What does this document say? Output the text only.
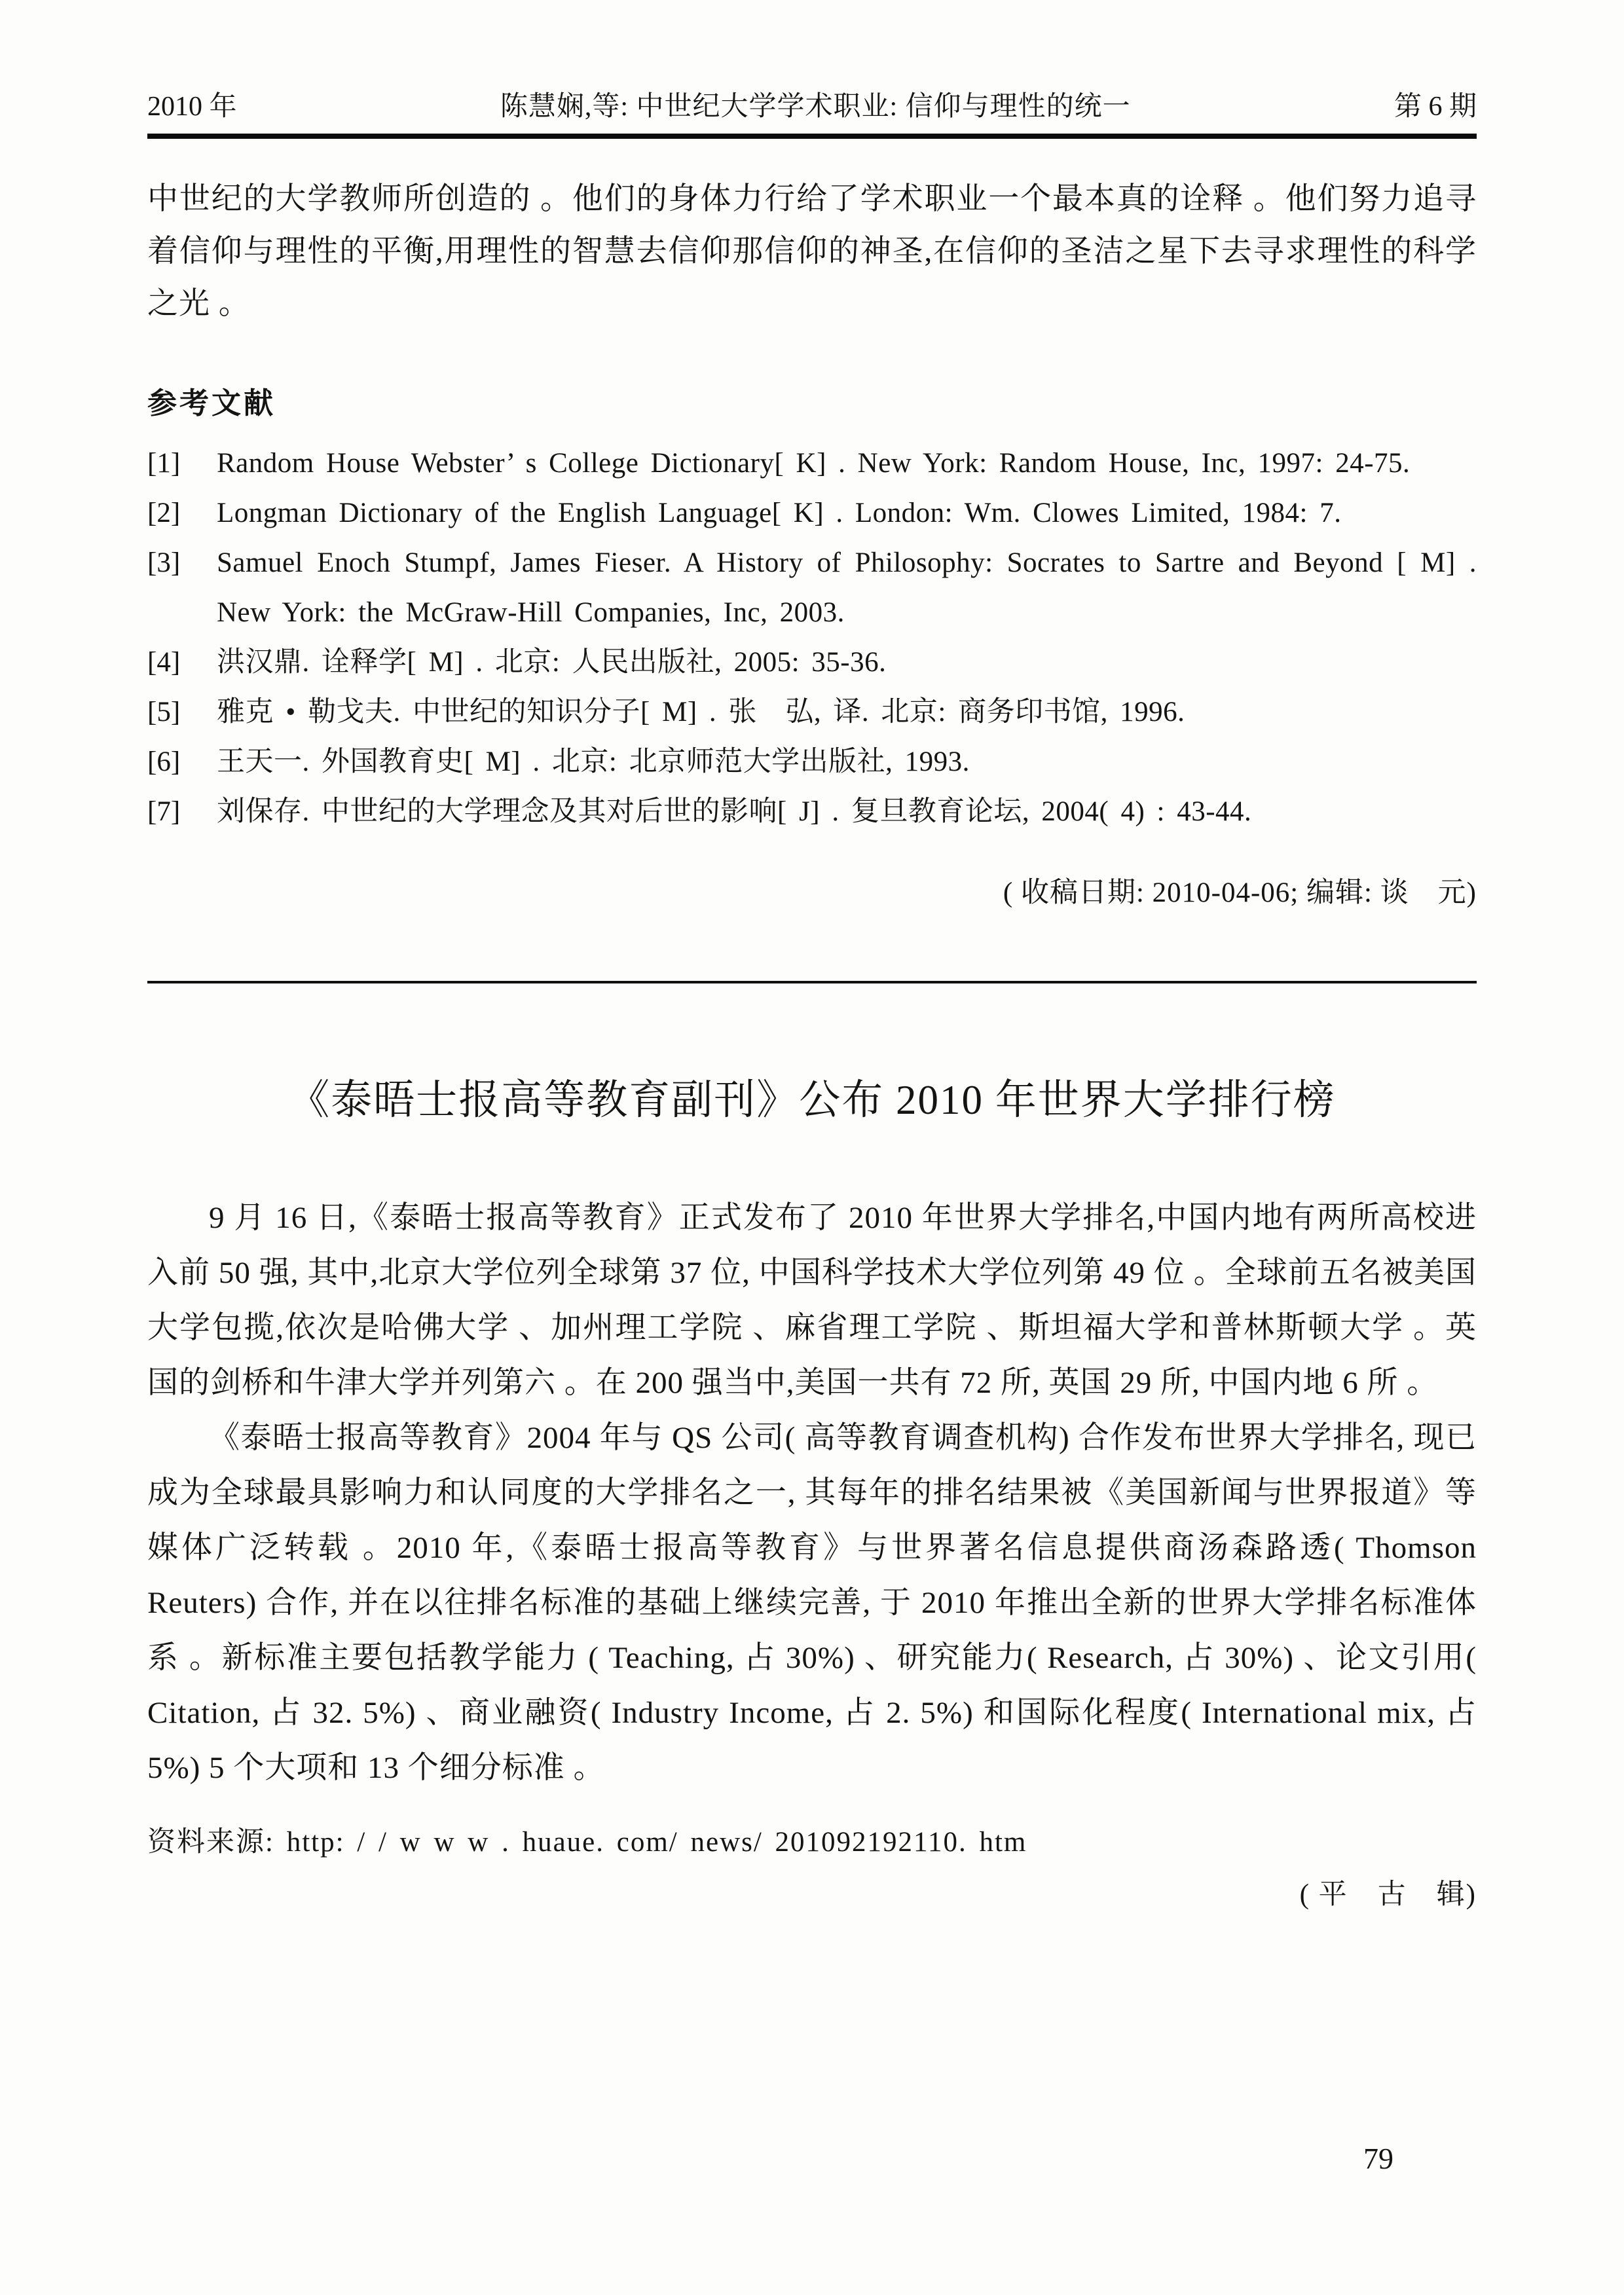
2010 年	陈慧娴,等: 中世纪大学学术职业: 信仰与理性的统一	第 6 期

中世纪的大学教师所创造的 。他们的身体力行给了学术职业一个最本真的诠释 。他们努力追寻着信仰与理性的平衡,用理性的智慧去信仰那信仰的神圣,在信仰的圣洁之星下去寻求理性的科学之光 。

参考文献
[1]	Random House Webster’ s College Dictionary[ K] . New York: Random House, Inc, 1997: 24-75.
[2]	Longman Dictionary of the English Language[ K] . London: Wm. Clowes Limited, 1984: 7.
[3]	Samuel Enoch Stumpf, James Fieser. A History of Philosophy: Socrates to Sartre and Beyond [ M] . New York: the McGraw-Hill Companies, Inc, 2003.
[4]	洪汉鼎. 诠释学[ M] . 北京: 人民出版社, 2005: 35-36.
[5]	雅克 • 勒戈夫. 中世纪的知识分子[ M] . 张　弘, 译. 北京: 商务印书馆, 1996.
[6]	王天一. 外国教育史[ M] . 北京: 北京师范大学出版社, 1993.
[7]	刘保存. 中世纪的大学理念及其对后世的影响[ J] . 复旦教育论坛, 2004( 4) : 43-44.
( 收稿日期: 2010-04-06; 编辑: 谈　元)
《泰晤士报高等教育副刊》公布 2010 年世界大学排行榜

9 月 16 日,《泰晤士报高等教育》正式发布了 2010 年世界大学排名,中国内地有两所高校进入前 50 强, 其中,北京大学位列全球第 37 位, 中国科学技术大学位列第 49 位 。全球前五名被美国大学包揽,依次是哈佛大学 、加州理工学院 、麻省理工学院 、斯坦福大学和普林斯顿大学 。英国的剑桥和牛津大学并列第六 。在 200 强当中,美国一共有 72 所, 英国 29 所, 中国内地 6 所 。

《泰晤士报高等教育》2004 年与 QS 公司( 高等教育调查机构) 合作发布世界大学排名, 现已成为全球最具影响力和认同度的大学排名之一, 其每年的排名结果被《美国新闻与世界报道》等媒体广泛转载 。2010 年,《泰晤士报高等教育》与世界著名信息提供商汤森路透( Thomson Reuters) 合作, 并在以往排名标准的基础上继续完善, 于 2010 年推出全新的世界大学排名标准体系 。新标准主要包括教学能力 ( Teaching, 占 30%) 、研究能力( Research, 占 30%) 、论文引用( Citation, 占 32. 5%) 、商业融资( Industry Income, 占 2. 5%) 和国际化程度( International mix, 占 5%) 5 个大项和 13 个细分标准 。

资料来源: http: / / w w w . huaue. com/ news/ 201092192110. htm
( 平　古　辑)
79
